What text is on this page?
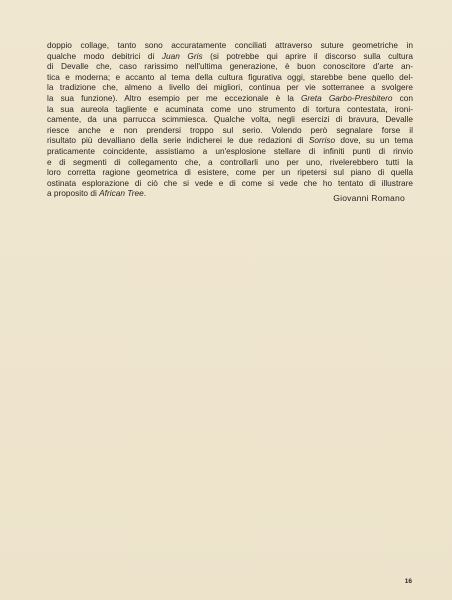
doppio collage, tanto sono accuratamente conciliati attraverso suture geometriche in
qualche modo debitrici di Juan Gris (si potrebbe qui aprire il discorso sulla cultura
di Devalle che, caso rarissimo nell'ultima generazione, è buon conoscitore d'arte an-
tica e moderna; e accanto al tema della cultura figurativa oggi, starebbe bene quello del-
la tradizione che, almeno a livello dei migliori, continua per vie sotterranee a svolgere
la sua funzione). Altro esempio per me eccezionale è la Greta Garbo-Presbitero con
la sua aureola tagliente e acuminata come uno strumento di tortura contestata, ironi-
camente, da una parrucca scimmiesca. Qualche volta, negli esercizi di bravura, Devalle
riesce anche e non prendersi troppo sul serio. Volendo però segnalare forse il
risultato più devalliano della serie indicherei le due redazioni di Sorriso dove, su un tema
praticamente coincidente, assistiamo a un'esplosione stellare di infiniti punti di rinvio
e di segmenti di collegamento che, a controllarli uno per uno, rivelerebbero tutti la
loro corretta ragione geometrica di esistere, come per un ripetersi sul piano di quella
ostinata esplorazione di ciò che si vede e di come si vede che ho tentato di illustrare
a proposito di African Tree.	Giovanni Romano
16
